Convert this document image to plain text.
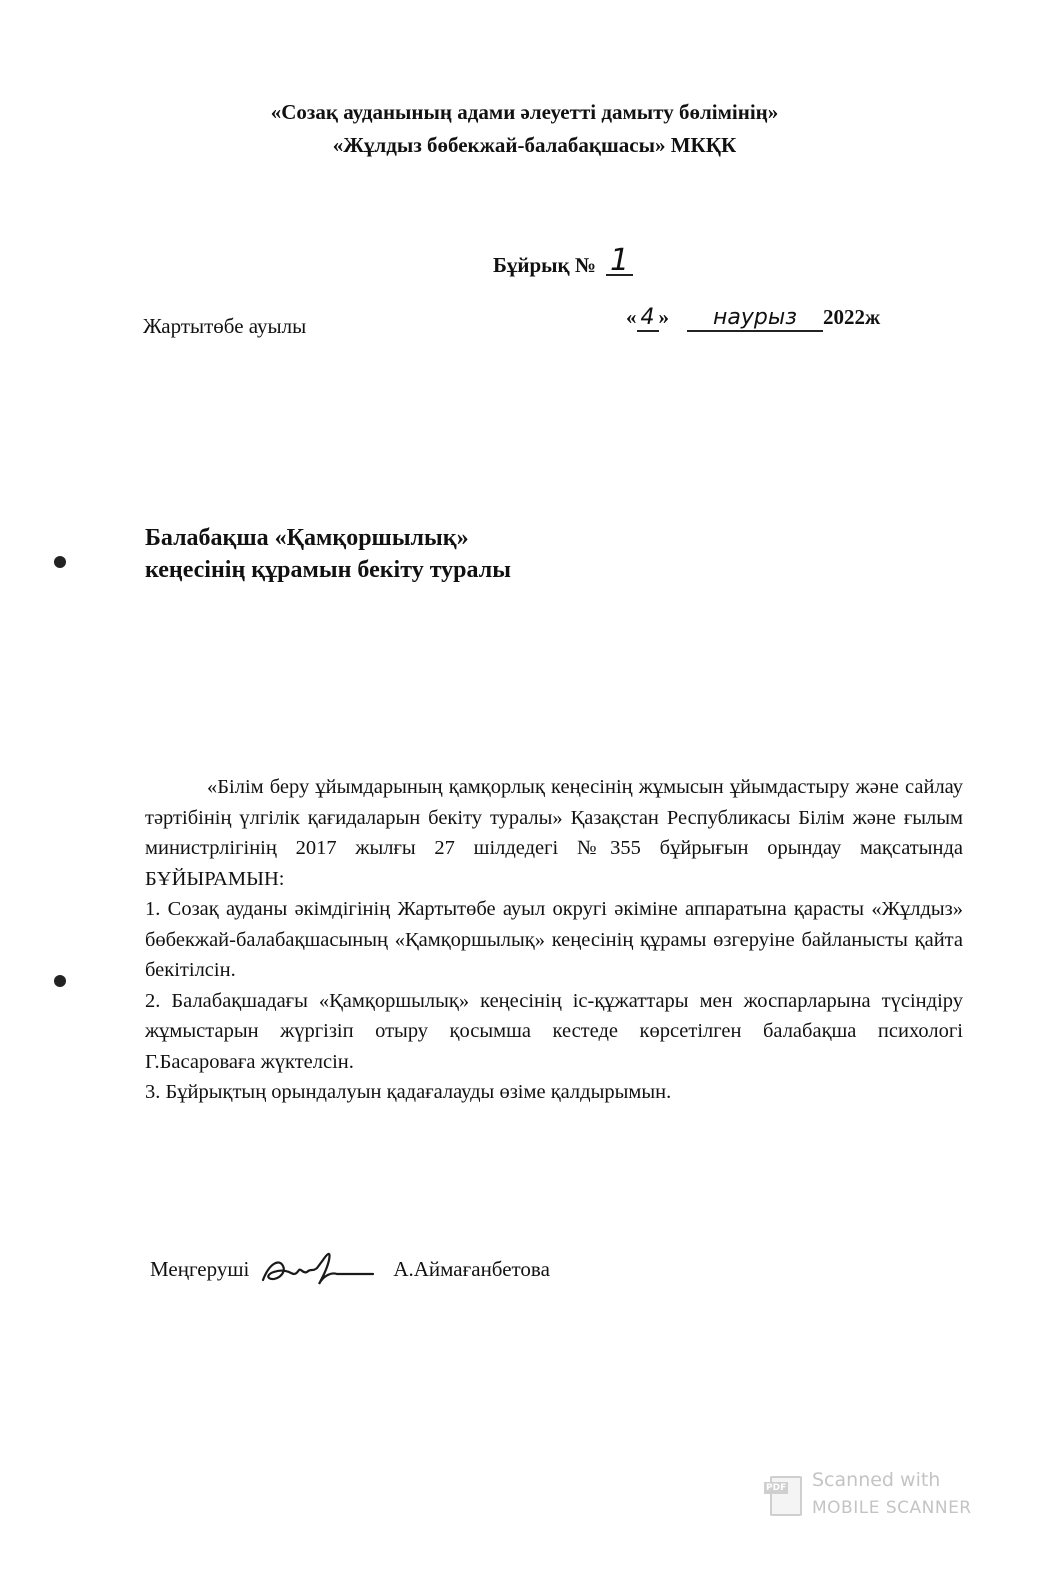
«Созақ ауданының адами әлеуетті дамыту бөлімінің»
«Жұлдыз бөбекжай-балабақшасы» МКҚК
Бұйрық № 1
Жартытөбе ауылы	« 4 » наурыз 2022ж
Балабақша «Қамқоршылық»
кеңесінің құрамын бекіту туралы

«Білім беру ұйымдарының қамқорлық кеңесінің жұмысын ұйымдастыру және сайлау тәртібінің үлгілік қағидаларын бекіту туралы» Қазақстан Республикасы Білім және ғылым министрлігінің 2017 жылғы 27 шілдедегі №355 бұйрығын орындау мақсатында БҰЙЫРАМЫН:

1. Созақ ауданы әкімдігінің Жартытөбе ауыл округі әкіміне аппаратына қарасты «Жұлдыз» бөбекжай-балабақшасының «Қамқоршылық» кеңесінің құрамы өзгеруіне байланысты қайта бекітілсін.

2. Балабақшадағы «Қамқоршылық» кеңесінің іс-құжаттары мен жоспарларына түсіндіру жұмыстарын жүргізіп отыру қосымша кестеде көрсетілген балабақша психологі Г.Басароваға жүктелсін.

3. Бұйрықтың орындалуын қадағалауды өзіме қалдырымын.

Меңгеруші	А.Аймағанбетова
PDF Scanned with
MOBILE SCANNER
